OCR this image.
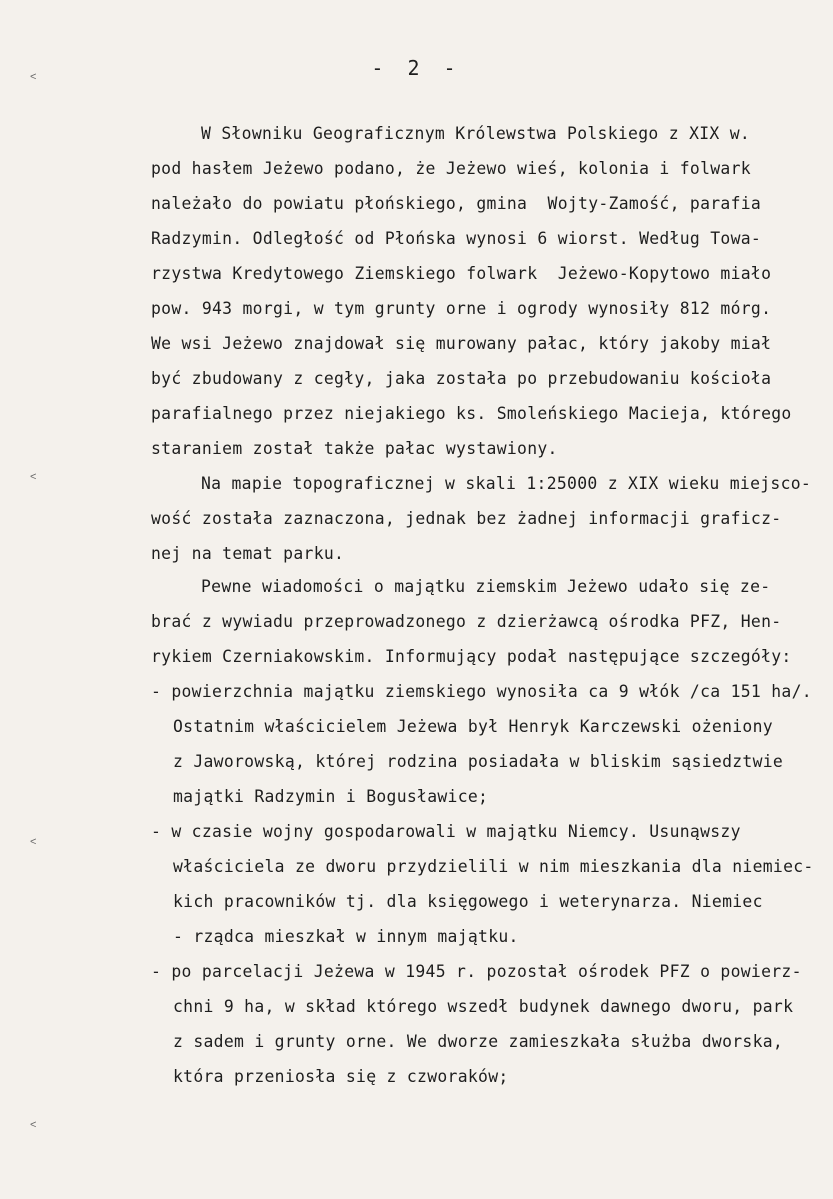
- 2 -
˂
˂
˂
˂
W Słowniku Geograficznym Królewstwa Polskiego z XIX w.
pod hasłem Jeżewo podano, że Jeżewo wieś, kolonia i folwark
należało do powiatu płońskiego, gmina  Wojty-Zamość, parafia
Radzymin. Odległość od Płońska wynosi 6 wiorst. Według Towa-
rzystwa Kredytowego Ziemskiego folwark  Jeżewo-Kopytowo miało
pow. 943 morgi, w tym grunty orne i ogrody wynosiły 812 mórg.
We wsi Jeżewo znajdował się murowany pałac, który jakoby miał
być zbudowany z cegły, jaka została po przebudowaniu kościoła
parafialnego przez niejakiego ks. Smoleńskiego Macieja, którego
staraniem został także pałac wystawiony.
Na mapie topograficznej w skali 1:25000 z XIX wieku miejsco-
wość została zaznaczona, jednak bez żadnej informacji graficz-
nej na temat parku.
Pewne wiadomości o majątku ziemskim Jeżewo udało się ze-
brać z wywiadu przeprowadzonego z dzierżawcą ośrodka PFZ, Hen-
rykiem Czerniakowskim. Informujący podał następujące szczegóły:
- powierzchnia majątku ziemskiego wynosiła ca 9 włók /ca 151 ha/.
Ostatnim właścicielem Jeżewa był Henryk Karczewski ożeniony
z Jaworowską, której rodzina posiadała w bliskim sąsiedztwie
majątki Radzymin i Bogusławice;
- w czasie wojny gospodarowali w majątku Niemcy. Usunąwszy
właściciela ze dworu przydzielili w nim mieszkania dla niemiec-
kich pracowników tj. dla księgowego i weterynarza. Niemiec
- rządca mieszkał w innym majątku.
- po parcelacji Jeżewa w 1945 r. pozostał ośrodek PFZ o powierz-
chni 9 ha, w skład którego wszedł budynek dawnego dworu, park
z sadem i grunty orne. We dworze zamieszkała służba dworska,
która przeniosła się z czworaków;
